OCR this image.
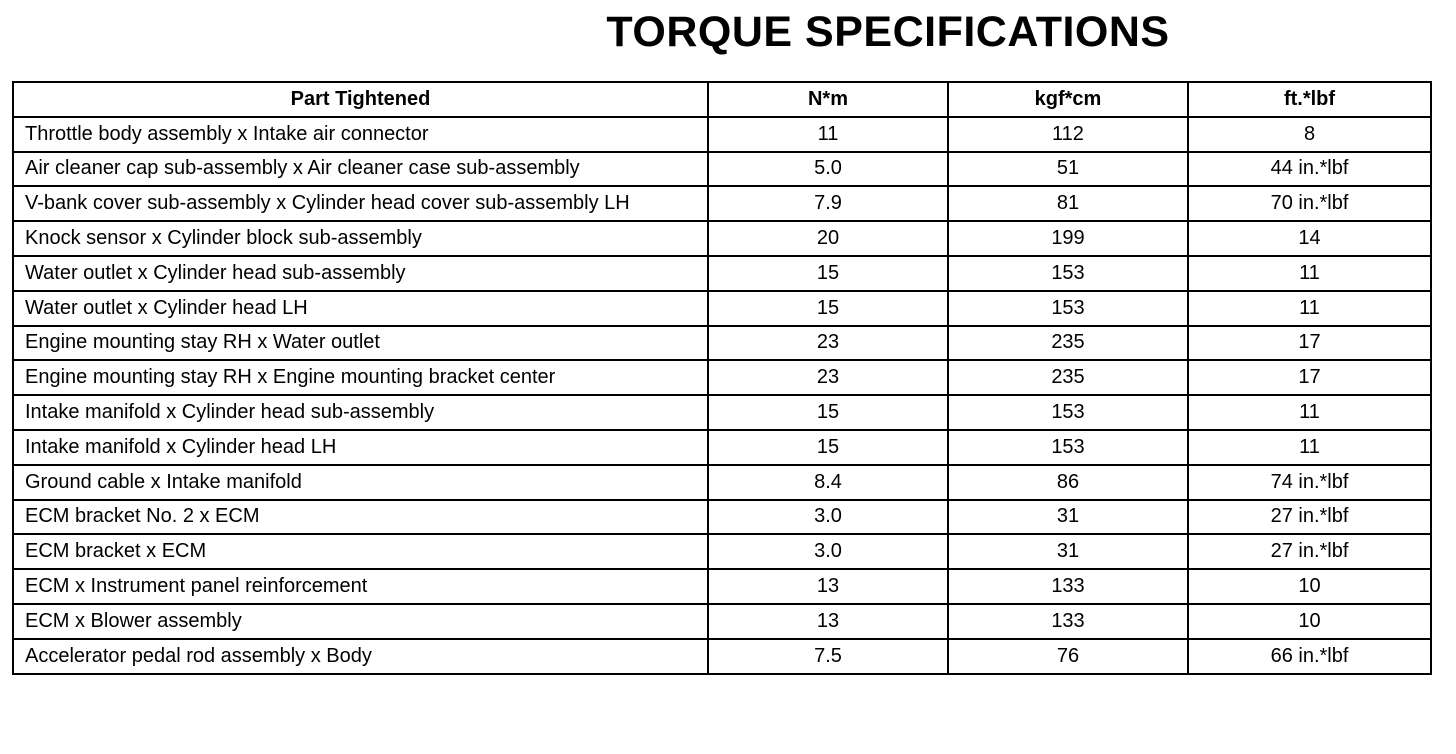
TORQUE SPECIFICATIONS
Part Tightened	N*m	kgf*cm	ft.*lbf
Throttle body assembly x Intake air connector	11	112	8
Air cleaner cap sub-assembly x Air cleaner case sub-assembly	5.0	51	44 in.*lbf
V-bank cover sub-assembly x Cylinder head cover sub-assembly LH	7.9	81	70 in.*lbf
Knock sensor x Cylinder block sub-assembly	20	199	14
Water outlet x Cylinder head sub-assembly	15	153	11
Water outlet x Cylinder head LH	15	153	11
Engine mounting stay RH x Water outlet	23	235	17
Engine mounting stay RH x Engine mounting bracket center	23	235	17
Intake manifold x Cylinder head sub-assembly	15	153	11
Intake manifold x Cylinder head LH	15	153	11
Ground cable x Intake manifold	8.4	86	74 in.*lbf
ECM bracket No. 2 x ECM	3.0	31	27 in.*lbf
ECM bracket x ECM	3.0	31	27 in.*lbf
ECM x Instrument panel reinforcement	13	133	10
ECM x Blower assembly	13	133	10
Accelerator pedal rod assembly x Body	7.5	76	66 in.*lbf
